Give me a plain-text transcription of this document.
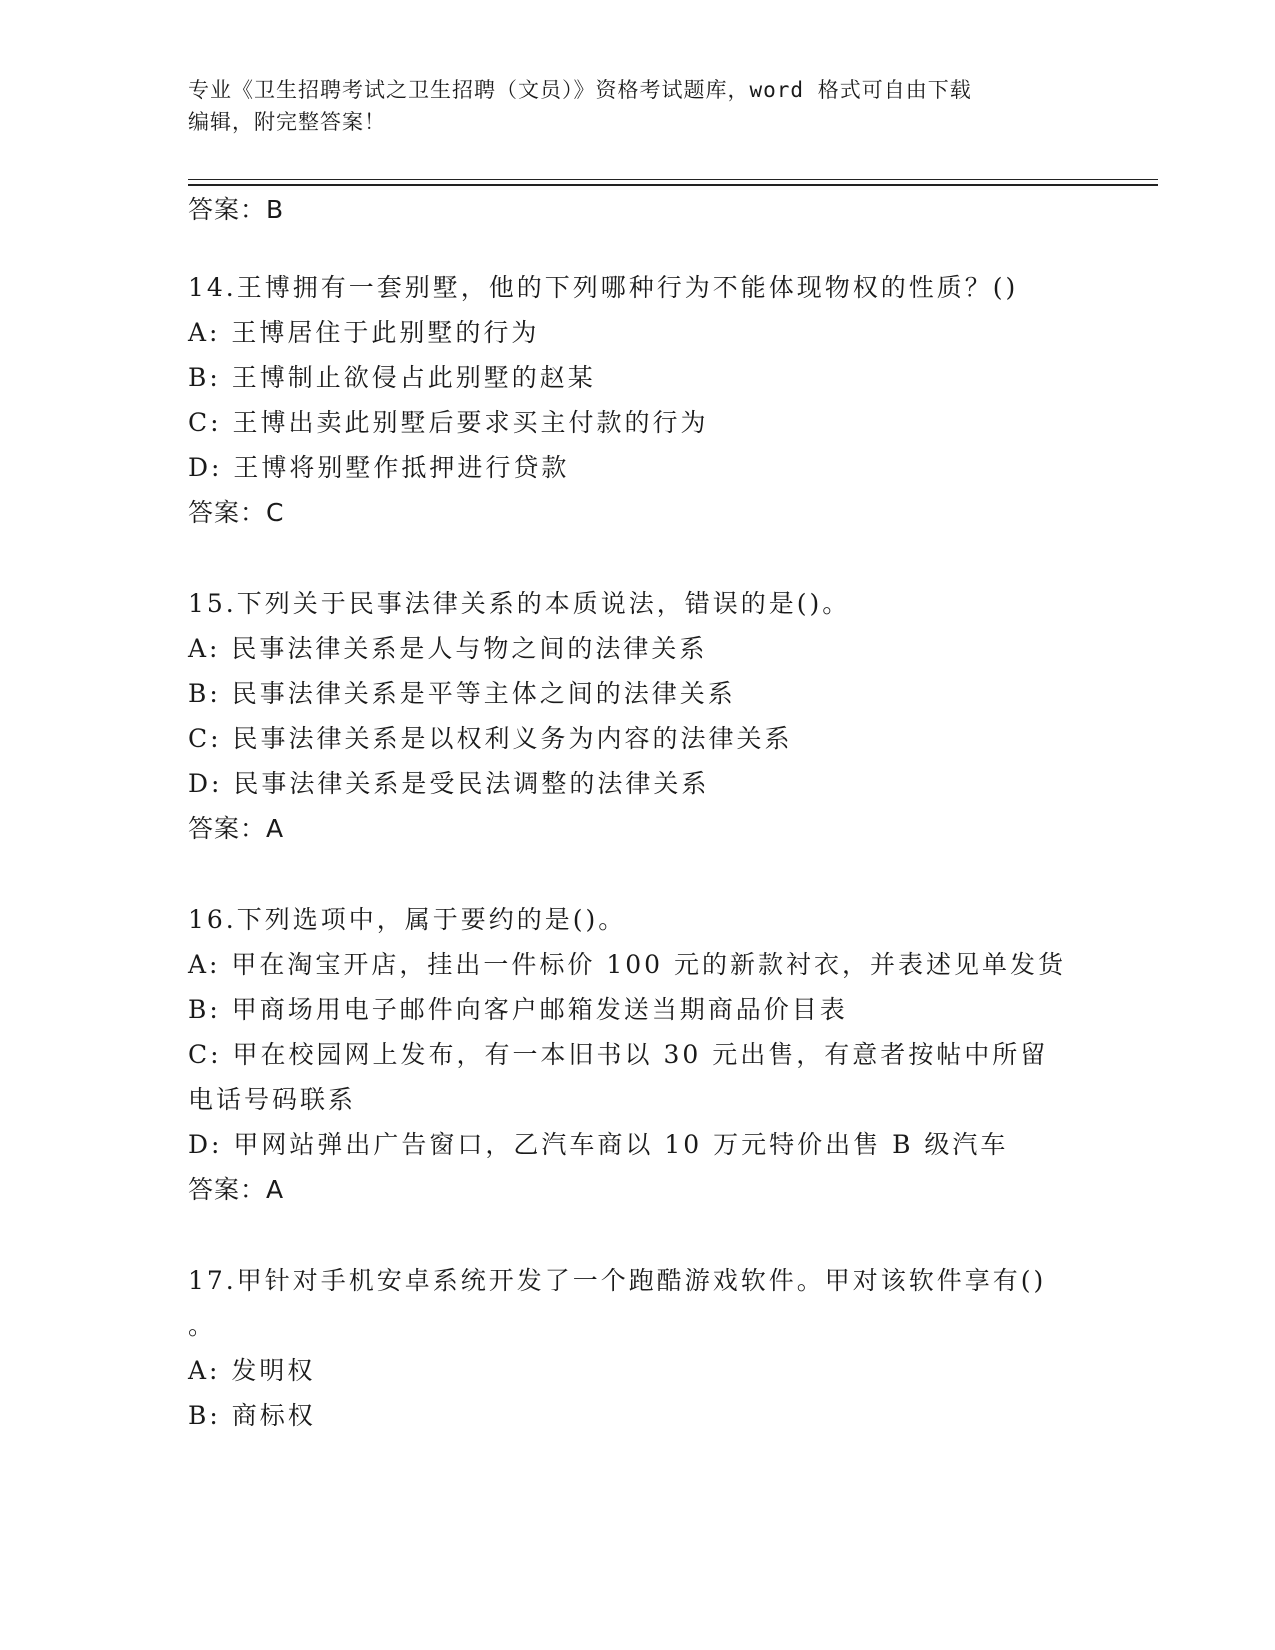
专业《卫生招聘考试之卫生招聘（文员）》资格考试题库，word 格式可自由下载
编辑，附完整答案！
答案：B
14.王博拥有一套别墅，他的下列哪种行为不能体现物权的性质？()
A: 王博居住于此别墅的行为
B: 王博制止欲侵占此别墅的赵某
C: 王博出卖此别墅后要求买主付款的行为
D: 王博将别墅作抵押进行贷款
答案：C
15.下列关于民事法律关系的本质说法，错误的是()。
A: 民事法律关系是人与物之间的法律关系
B: 民事法律关系是平等主体之间的法律关系
C: 民事法律关系是以权利义务为内容的法律关系
D: 民事法律关系是受民法调整的法律关系
答案：A
16.下列选项中，属于要约的是()。
A: 甲在淘宝开店，挂出一件标价 100 元的新款衬衣，并表述见单发货
B: 甲商场用电子邮件向客户邮箱发送当期商品价目表
C: 甲在校园网上发布，有一本旧书以 30 元出售，有意者按帖中所留
电话号码联系
D: 甲网站弹出广告窗口，乙汽车商以 10 万元特价出售 B 级汽车
答案：A
17.甲针对手机安卓系统开发了一个跑酷游戏软件。甲对该软件享有()
。
A: 发明权
B: 商标权
